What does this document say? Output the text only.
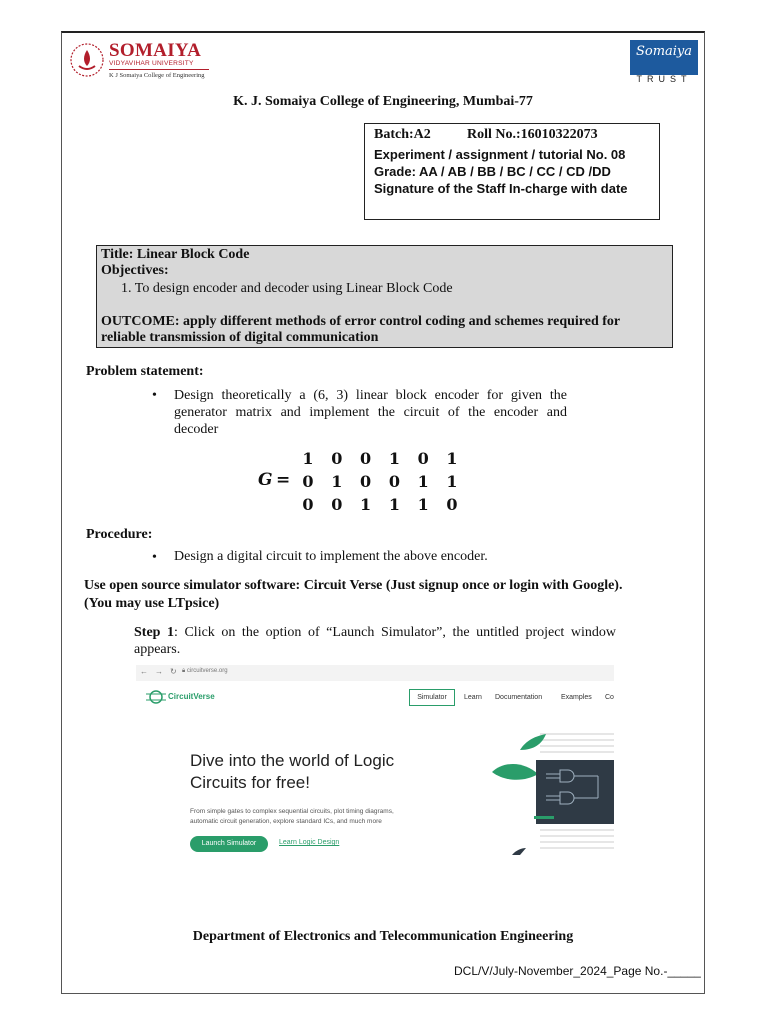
SOMAIYA
VIDYAVIHAR UNIVERSITY
K J Somaiya College of Engineering
Somaiya
TRUST
K. J. Somaiya College of Engineering, Mumbai-77
Batch:A2	Roll No.:16010322073
Experiment / assignment / tutorial No. 08
Grade: AA / AB / BB / BC / CC / CD /DD
Signature of the Staff In-charge with date
Title: Linear Block Code
Objectives:
1. To design encoder and decoder using Linear Block Code
OUTCOME: apply different methods of error control coding and schemes required for
reliable transmission of digital communication
Problem statement:
• Design theoretically a (6, 3) linear block encoder for given the generator matrix and implement the circuit of the encoder and decoder
G =
1 0 0 1 0 1
0 1 0 0 1 1
0 0 1 1 1 0
Procedure:
• Design a digital circuit to implement the above encoder.
Use open source simulator software: Circuit Verse (Just signup once or login with Google).
(You may use LTpsice)
Step 1: Click on the option of “Launch Simulator”, the untitled project window appears.
← → ↻ 🔒︎ circuitverse.org
CircuitVerse	Simulator	Learn Documentation	Examples Co
Dive into the world of Logic
Circuits for free!
From simple gates to complex sequential circuits, plot timing diagrams,
automatic circuit generation, explore standard ICs, and much more
Launch Simulator	Learn Logic Design
Department of Electronics and Telecommunication Engineering
DCL/V/July-November_2024_Page No.-_____
